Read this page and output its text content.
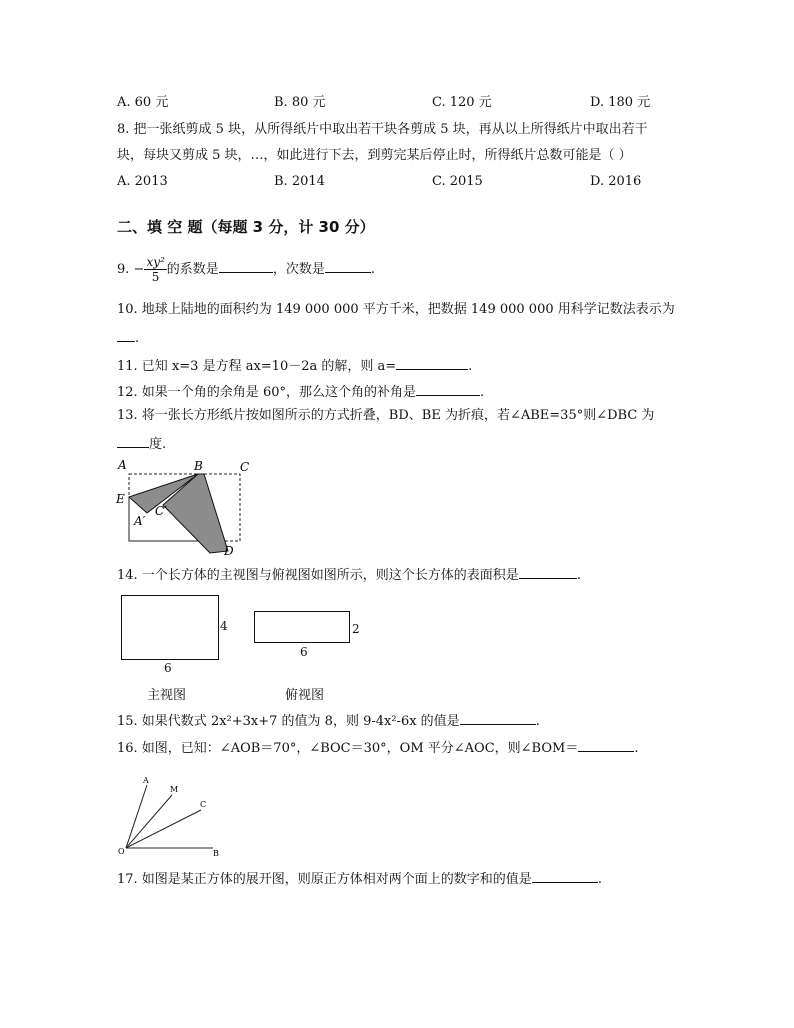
A. 60 元	B. 80 元	C. 120 元	D. 180 元
8. 把一张纸剪成 5 块，从所得纸片中取出若干块各剪成 5 块，再从以上所得纸片中取出若干
块，每块又剪成 5 块，…，如此进行下去，到剪完某后停止时，所得纸片总数可能是（ ）
A. 2013	B. 2014	C. 2015	D. 2016
二、填 空 题（每题 3 分，计 30 分）
9. − $\frac{\text{xy²}}{5}$ 的系数是	，次数是	.
10. 地球上陆地的面积约为 149 000 000 平方千米，把数据 149 000 000 用科学记数法表示为
.
11. 已知 x=3 是方程 ax=10－2a 的解，则 a=	.
12. 如果一个角的余角是 60°，那么这个角的补角是	.
13. 将一张长方形纸片按如图所示的方式折叠，BD、BE 为折痕，若∠ABE=35°则∠DBC 为
度.
A	B	C
E
A′
C′
D
14. 一个长方体的主视图与俯视图如图所示，则这个长方体的表面积是	.
4
6
主视图
2
6
俯视图
15. 如果代数式 2x²+3x+7 的值为 8，则 9-4x²-6x 的值是	.
16. 如图，已知：∠AOB＝70°，∠BOC＝30°，OM 平分∠AOC，则∠BOM＝	.
A
M
C
O	B
17. 如图是某正方体的展开图，则原正方体相对两个面上的数字和的值是	.
